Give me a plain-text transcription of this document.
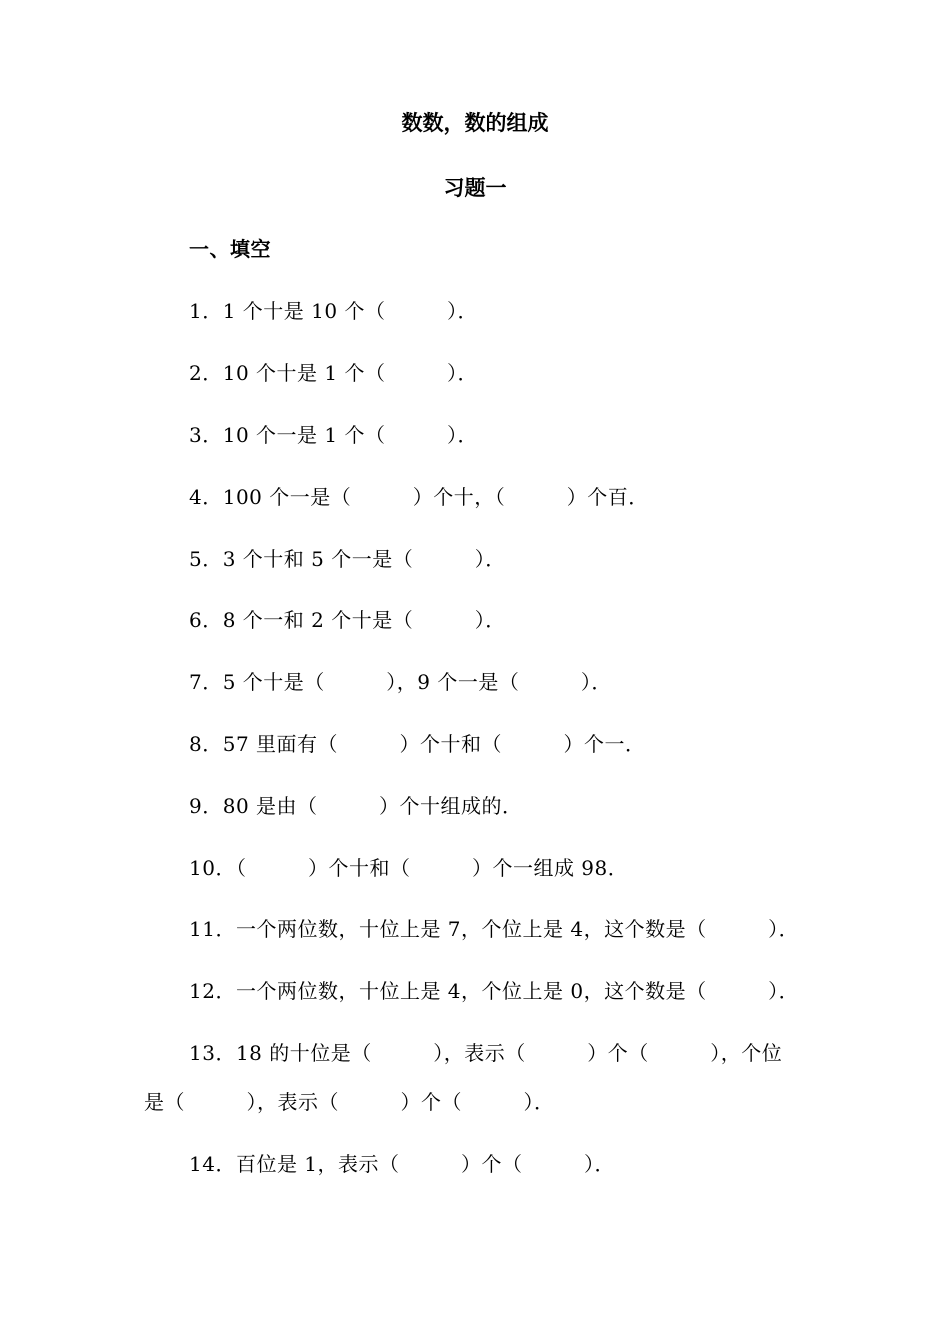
数数，数的组成
习题一
一、填空
1．1 个十是 10 个（　　　）．
2．10 个十是 1 个（　　　）．
3．10 个一是 1 个（　　　）．
4．100 个一是（　　　）个十，（　　　）个百．
5．3 个十和 5 个一是（　　　）．
6．8 个一和 2 个十是（　　　）．
7．5 个十是（　　　），9 个一是（　　　）．
8．57 里面有（　　　）个十和（　　　）个一．
9．80 是由（　　　）个十组成的．
10．（　　　）个十和（　　　）个一组成 98．
11．一个两位数，十位上是 7，个位上是 4，这个数是（　　　）．
12．一个两位数，十位上是 4，个位上是 0，这个数是（　　　）．
13．18 的十位是（　　　），表示（　　　）个（　　　），个位
是（　　　），表示（　　　）个（　　　）．
14．百位是 1，表示（　　　）个（　　　）．
